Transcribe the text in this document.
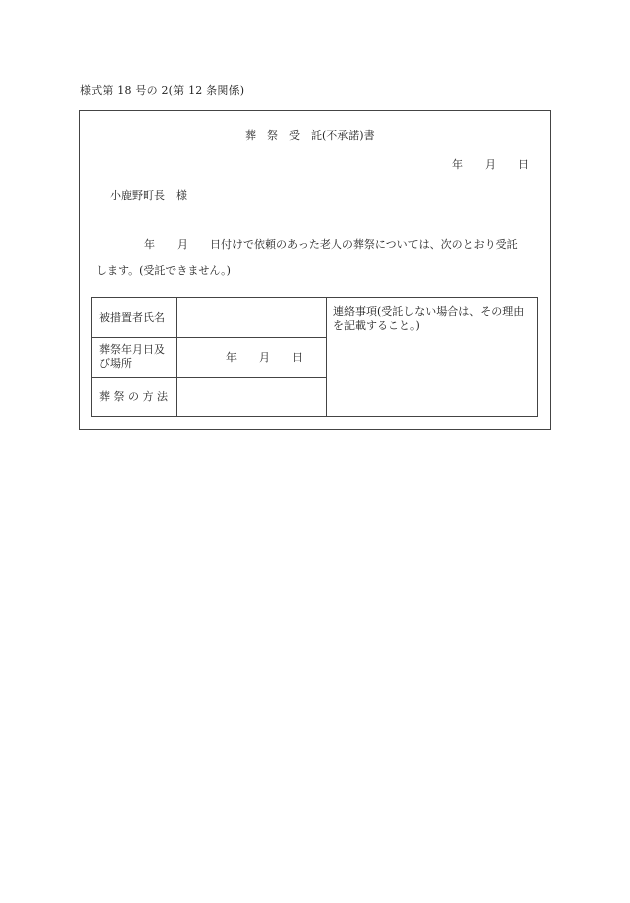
様式第 18 号の 2(第 12 条関係)
葬　祭　受　託(不承諾)書
年　　月　　日
小鹿野町長　様
年　　月　　日付けで依頼のあった老人の葬祭については、次のとおり受託
します。(受託できません。)
被措置者氏名
葬祭年月日及
び場所	年　　月　　日
葬 祭 の 方 法
連絡事項(受託しない場合は、その理由
を記載すること。)
